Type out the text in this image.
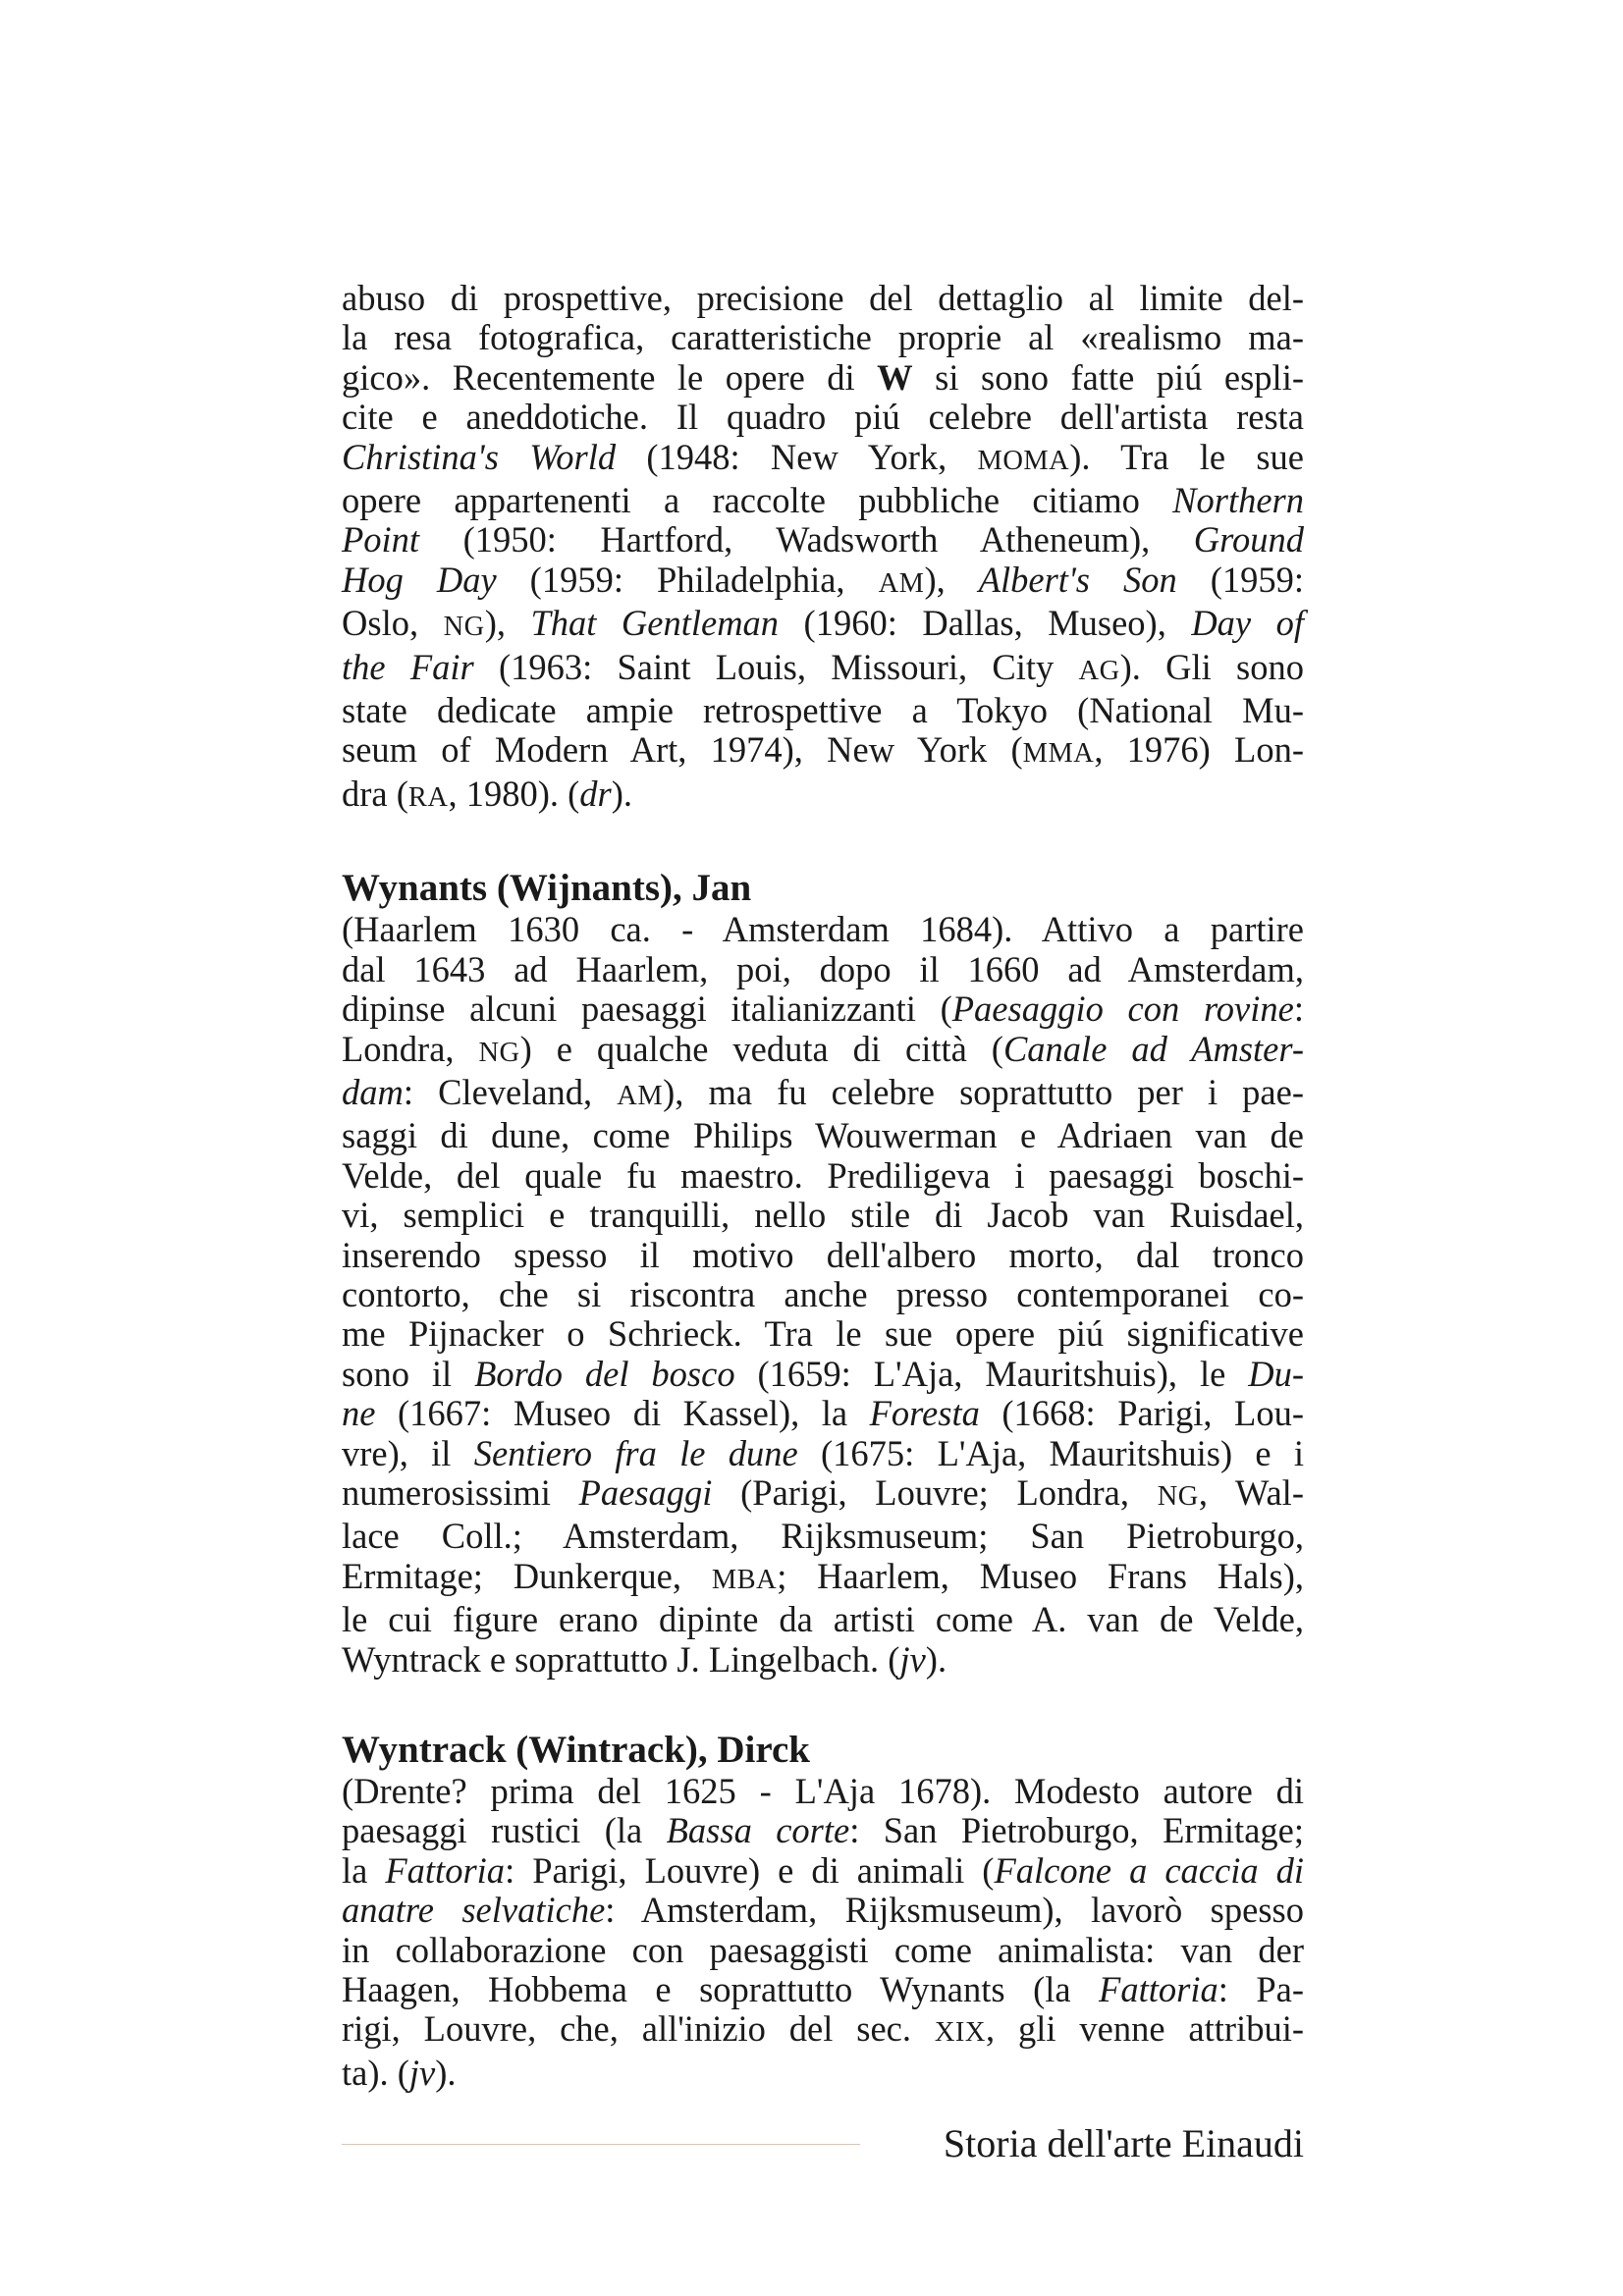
abuso di prospettive, precisione del dettaglio al limite del-
la resa fotografica, caratteristiche proprie al «realismo ma-
gico». Recentemente le opere di W si sono fatte piú espli-
cite e aneddotiche. Il quadro piú celebre dell'artista resta
Christina's World (1948: New York, MOMA). Tra le sue
opere appartenenti a raccolte pubbliche citiamo Northern
Point (1950: Hartford, Wadsworth Atheneum), Ground
Hog Day (1959: Philadelphia, AM), Albert's Son (1959:
Oslo, NG), That Gentleman (1960: Dallas, Museo), Day of
the Fair (1963: Saint Louis, Missouri, City AG). Gli sono
state dedicate ampie retrospettive a Tokyo (National Mu-
seum of Modern Art, 1974), New York (MMA, 1976) Lon-
dra (RA, 1980). (dr).

Wynants (Wijnants), Jan

(Haarlem 1630 ca. - Amsterdam 1684). Attivo a partire
dal 1643 ad Haarlem, poi, dopo il 1660 ad Amsterdam,
dipinse alcuni paesaggi italianizzanti (Paesaggio con rovine:
Londra, NG) e qualche veduta di città (Canale ad Amster-
dam: Cleveland, AM), ma fu celebre soprattutto per i pae-
saggi di dune, come Philips Wouwerman e Adriaen van de
Velde, del quale fu maestro. Prediligeva i paesaggi boschi-
vi, semplici e tranquilli, nello stile di Jacob van Ruisdael,
inserendo spesso il motivo dell'albero morto, dal tronco
contorto, che si riscontra anche presso contemporanei co-
me Pijnacker o Schrieck. Tra le sue opere piú significative
sono il Bordo del bosco (1659: L'Aja, Mauritshuis), le Du-
ne (1667: Museo di Kassel), la Foresta (1668: Parigi, Lou-
vre), il Sentiero fra le dune (1675: L'Aja, Mauritshuis) e i
numerosissimi Paesaggi (Parigi, Louvre; Londra, NG, Wal-
lace Coll.; Amsterdam, Rijksmuseum; San Pietroburgo,
Ermitage; Dunkerque, MBA; Haarlem, Museo Frans Hals),
le cui figure erano dipinte da artisti come A. van de Velde,
Wyntrack e soprattutto J. Lingelbach. (jv).

Wyntrack (Wintrack), Dirck

(Drente? prima del 1625 - L'Aja 1678). Modesto autore di
paesaggi rustici (la Bassa corte: San Pietroburgo, Ermitage;
la Fattoria: Parigi, Louvre) e di animali (Falcone a caccia di
anatre selvatiche: Amsterdam, Rijksmuseum), lavorò spesso
in collaborazione con paesaggisti come animalista: van der
Haagen, Hobbema e soprattutto Wynants (la Fattoria: Pa-
rigi, Louvre, che, all'inizio del sec. XIX, gli venne attribui-
ta). (jv).

Storia dell'arte Einaudi
